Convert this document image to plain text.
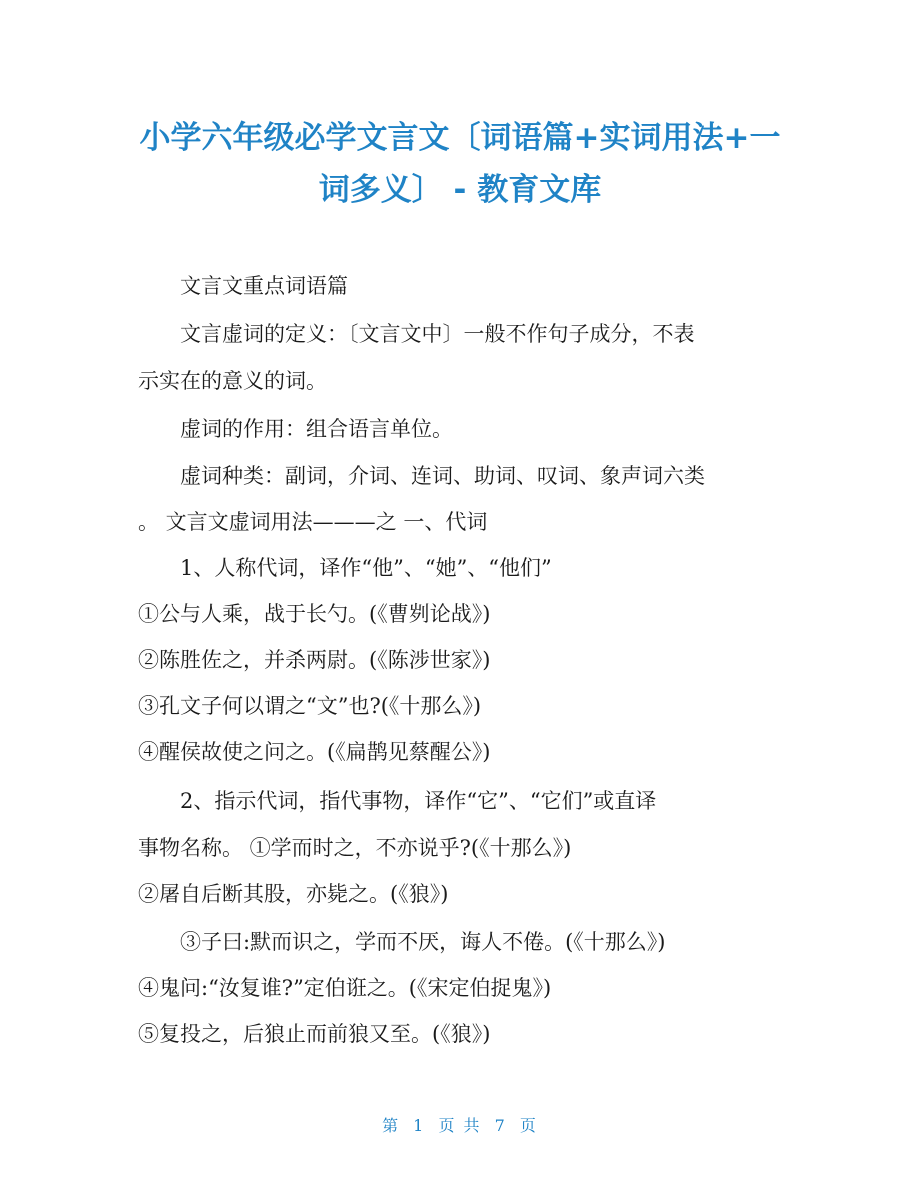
小学六年级必学文言文〔词语篇+实词用法+一
词多义〕 - 教育文库
文言文重点词语篇
文言虚词的定义：〔文言文中〕一般不作句子成分，不表
示实在的意义的词。
虚词的作用：组合语言单位。
虚词种类：副词，介词、连词、助词、叹词、象声词六类
。 文言文虚词用法———之 一、代词
1、人称代词，译作“他”、“她”、“他们”
①公与人乘，战于长勺。(《曹刿论战》)
②陈胜佐之，并杀两尉。(《陈涉世家》)
③孔文子何以谓之“文”也?(《十那么》)
④醒侯故使之问之。(《扁鹊见蔡醒公》)
2、指示代词，指代事物，译作“它”、“它们”或直译
事物名称。 ①学而时之，不亦说乎?(《十那么》)
②屠自后断其股，亦毙之。(《狼》)
③子曰:默而识之，学而不厌，诲人不倦。(《十那么》)
④鬼问:“汝复谁?”定伯诳之。(《宋定伯捉鬼》)
⑤复投之，后狼止而前狼又至。(《狼》)
第 1 页 共 7 页
